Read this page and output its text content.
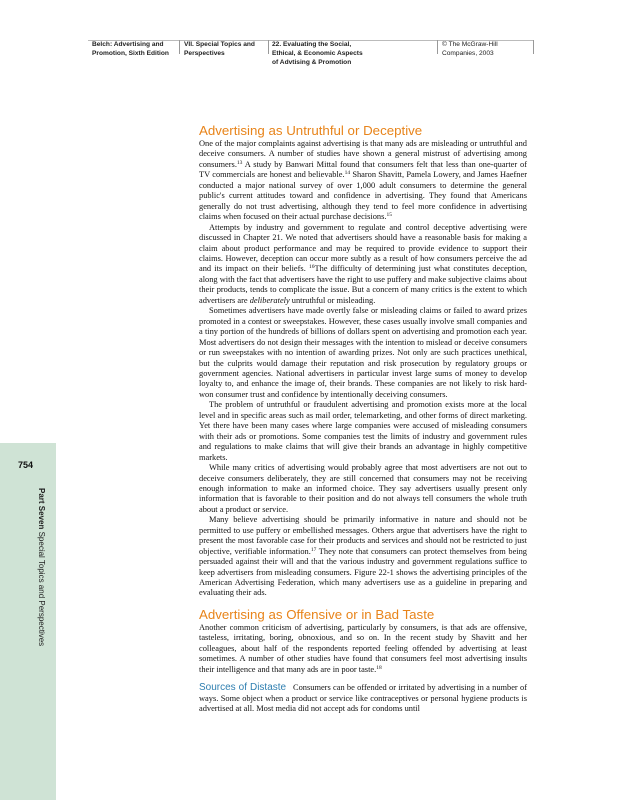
Belch: Advertising and Promotion, Sixth Edition
VII. Special Topics and Perspectives
22. Evaluating the Social, Ethical, & Economic Aspects of Advtising & Promotion
© The McGraw-Hill Companies, 2003
754
Part Seven Special Topics and Perspectives
Advertising as Untruthful or Deceptive

One of the major complaints against advertising is that many ads are misleading or untruthful and deceive consumers. A number of studies have shown a general mistrust of advertising among consumers.$^{13}$ A study by Banwari Mittal found that consumers felt that less than one-quarter of TV commercials are honest and believable.$^{14}$ Sharon Shavitt, Pamela Lowery, and James Haefner conducted a major national survey of over 1,000 adult consumers to determine the general public's current attitudes toward and confidence in advertising. They found that Americans generally do not trust advertising, although they tend to feel more confidence in advertising claims when focused on their actual purchase decisions.$^{15}$

Attempts by industry and government to regulate and control deceptive advertising were discussed in Chapter 21. We noted that advertisers should have a reasonable basis for making a claim about product performance and may be required to provide evidence to support their claims. However, deception can occur more subtly as a result of how consumers perceive the ad and its impact on their beliefs. $^{16}$The difficulty of determining just what constitutes deception, along with the fact that advertisers have the right to use puffery and make subjective claims about their products, tends to complicate the issue. But a concern of many critics is the extent to which advertisers are deliberately untruthful or misleading.

Sometimes advertisers have made overtly false or misleading claims or failed to award prizes promoted in a contest or sweepstakes. However, these cases usually involve small companies and a tiny portion of the hundreds of billions of dollars spent on advertising and promotion each year. Most advertisers do not design their messages with the intention to mislead or deceive consumers or run sweepstakes with no intention of awarding prizes. Not only are such practices unethical, but the culprits would damage their reputation and risk prosecution by regulatory groups or government agencies. National advertisers in particular invest large sums of money to develop loyalty to, and enhance the image of, their brands. These companies are not likely to risk hard-won consumer trust and confidence by intentionally deceiving consumers.

The problem of untruthful or fraudulent advertising and promotion exists more at the local level and in specific areas such as mail order, telemarketing, and other forms of direct marketing. Yet there have been many cases where large companies were accused of misleading consumers with their ads or promotions. Some companies test the limits of industry and government rules and regulations to make claims that will give their brands an advantage in highly competitive markets.

While many critics of advertising would probably agree that most advertisers are not out to deceive consumers deliberately, they are still concerned that consumers may not be receiving enough information to make an informed choice. They say advertisers usually present only information that is favorable to their position and do not always tell consumers the whole truth about a product or service.

Many believe advertising should be primarily informative in nature and should not be permitted to use puffery or embellished messages. Others argue that advertisers have the right to present the most favorable case for their products and services and should not be restricted to just objective, verifiable information.$^{17}$ They note that consumers can protect themselves from being persuaded against their will and that the various industry and government regulations suffice to keep advertisers from misleading consumers. Figure 22-1 shows the advertising principles of the American Advertising Federation, which many advertisers use as a guideline in preparing and evaluating their ads.

Advertising as Offensive or in Bad Taste

Another common criticism of advertising, particularly by consumers, is that ads are offensive, tasteless, irritating, boring, obnoxious, and so on. In the recent study by Shavitt and her colleagues, about half of the respondents reported feeling offended by advertising at least sometimes. A number of other studies have found that consumers feel most advertising insults their intelligence and that many ads are in poor taste.$^{18}$

Sources of Distaste Consumers can be offended or irritated by advertising in a number of ways. Some object when a product or service like contraceptives or personal hygiene products is advertised at all. Most media did not accept ads for condoms until
